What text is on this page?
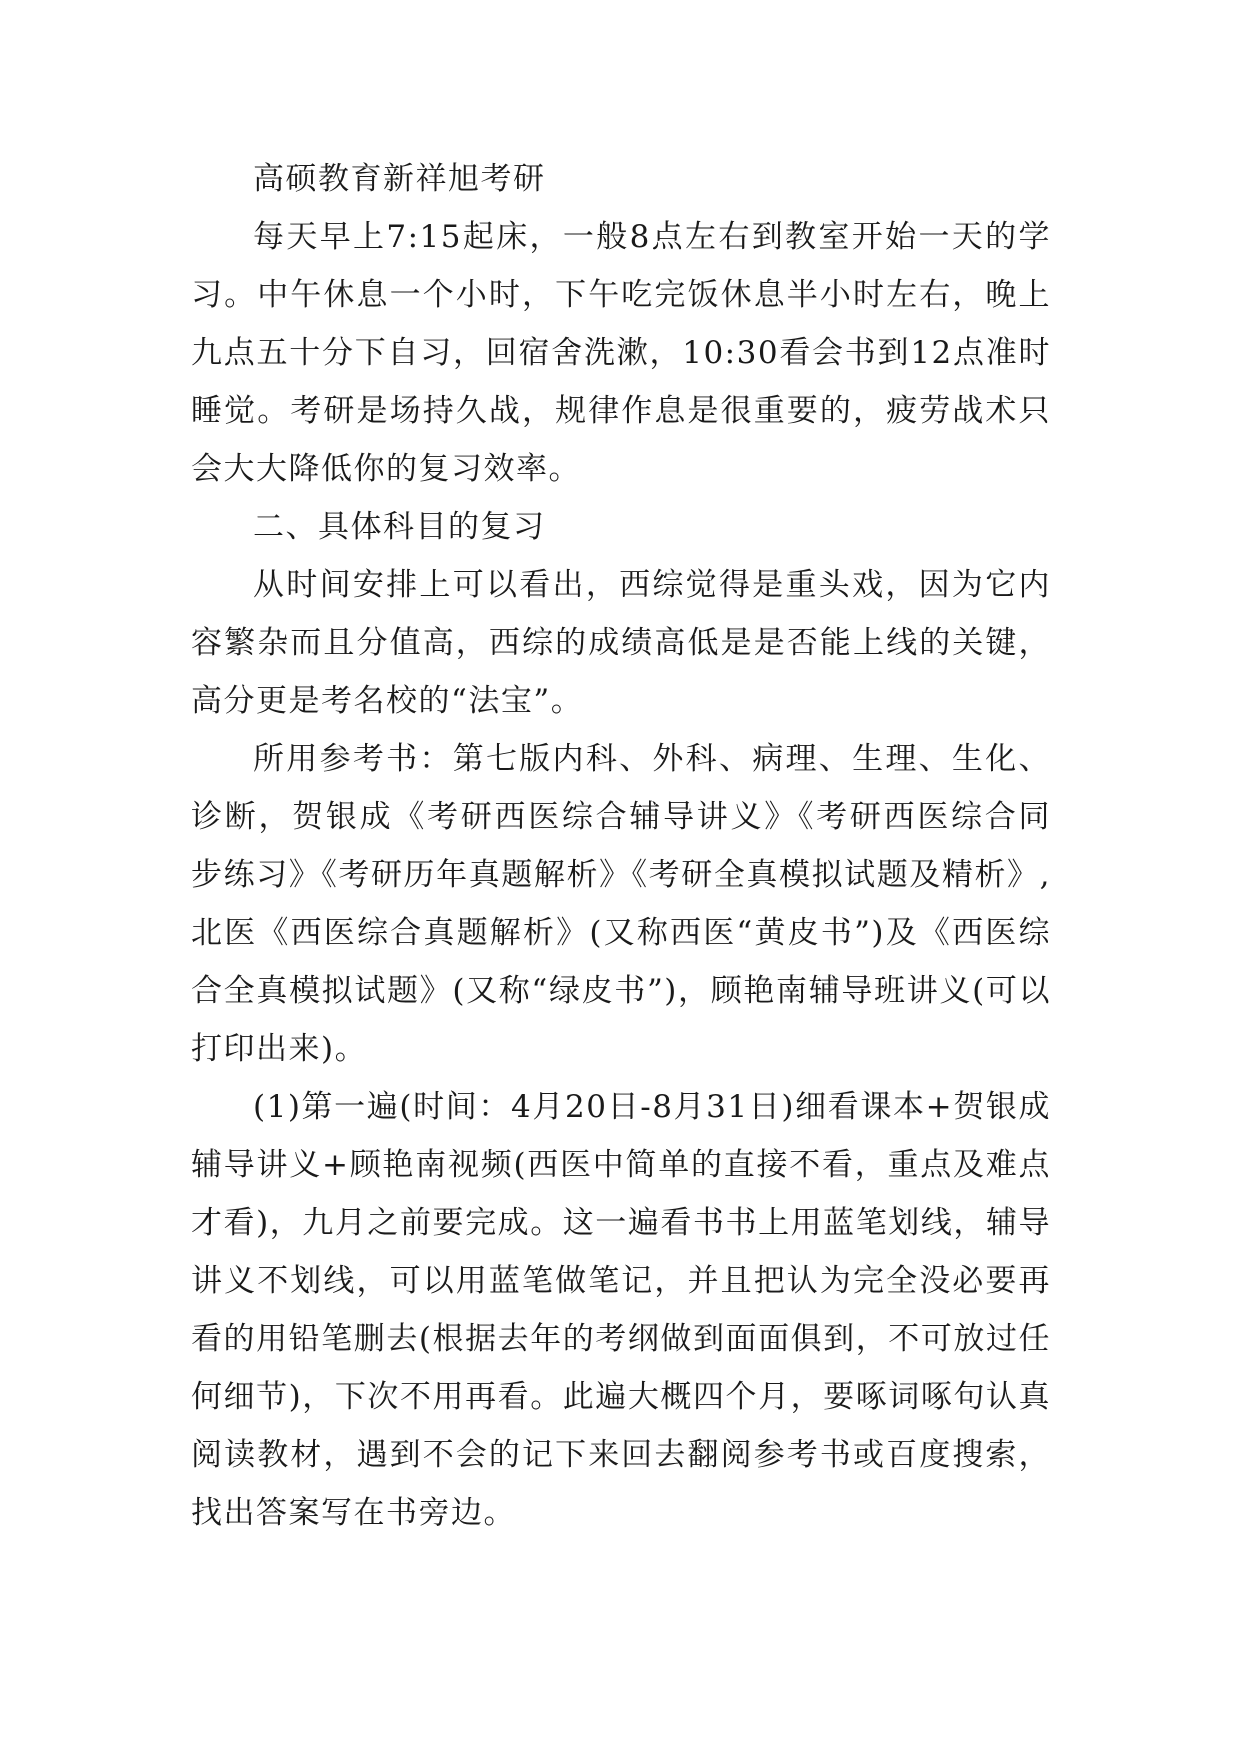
高硕教育新祥旭考研

每天早上7:15起床，一般8点左右到教室开始一天的学习。中午休息一个小时，下午吃完饭休息半小时左右，晚上九点五十分下自习，回宿舍洗漱，10:30看会书到12点准时睡觉。考研是场持久战，规律作息是很重要的，疲劳战术只会大大降低你的复习效率。

二、具体科目的复习

从时间安排上可以看出，西综觉得是重头戏，因为它内容繁杂而且分值高，西综的成绩高低是是否能上线的关键，高分更是考名校的“法宝”。

所用参考书：第七版内科、外科、病理、生理、生化、诊断，贺银成《考研西医综合辅导讲义》《考研西医综合同步练习》《考研历年真题解析》《考研全真模拟试题及精析》,北医《西医综合真题解析》(又称西医“黄皮书”)及《西医综合全真模拟试题》(又称“绿皮书”)，顾艳南辅导班讲义(可以打印出来)。

(1)第一遍(时间：4月20日-8月31日)细看课本+贺银成辅导讲义+顾艳南视频(西医中简单的直接不看，重点及难点才看)，九月之前要完成。这一遍看书书上用蓝笔划线，辅导讲义不划线，可以用蓝笔做笔记，并且把认为完全没必要再看的用铅笔删去(根据去年的考纲做到面面俱到，不可放过任何细节)，下次不用再看。此遍大概四个月，要啄词啄句认真阅读教材，遇到不会的记下来回去翻阅参考书或百度搜索，找出答案写在书旁边。
